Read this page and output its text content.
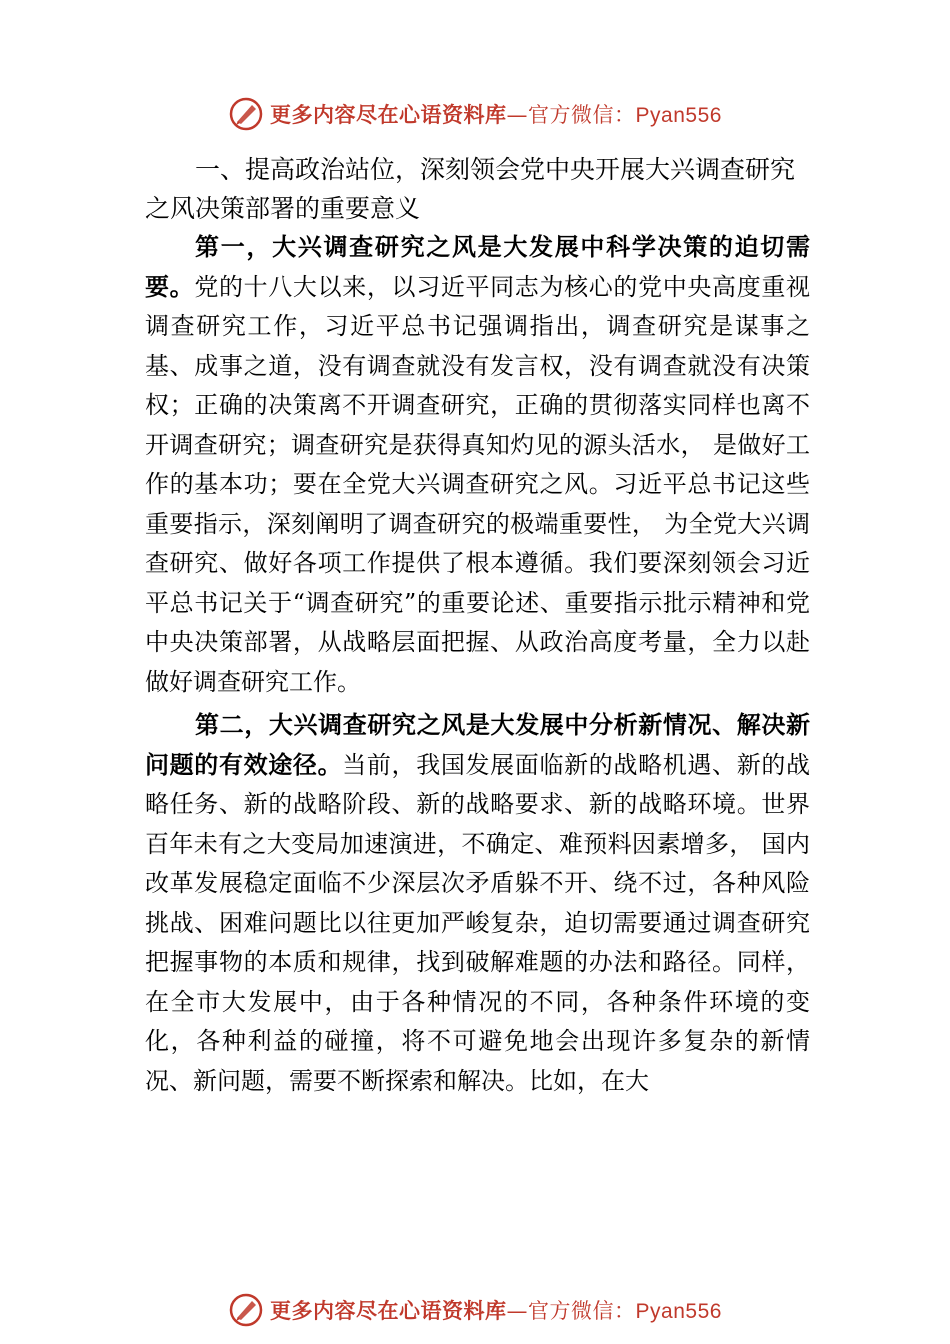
更多内容尽在心语资料库—官方微信：Pyan556

一、提高政治站位，深刻领会党中央开展大兴调查研究之风决策部署的重要意义

第一，大兴调查研究之风是大发展中科学决策的迫切需要。党的十八大以来，以习近平同志为核心的党中央高度重视调查研究工作，习近平总书记强调指出，调查研究是谋事之基、成事之道，没有调查就没有发言权，没有调查就没有决策权；正确的决策离不开调查研究，正确的贯彻落实同样也离不开调查研究；调查研究是获得真知灼见的源头活水， 是做好工作的基本功；要在全党大兴调查研究之风。习近平总书记这些重要指示，深刻阐明了调查研究的极端重要性， 为全党大兴调查研究、做好各项工作提供了根本遵循。我们要深刻领会习近平总书记关于“调查研究”的重要论述、重要指示批示精神和党中央决策部署，从战略层面把握、从政治高度考量，全力以赴做好调查研究工作。

第二，大兴调查研究之风是大发展中分析新情况、解决新问题的有效途径。当前，我国发展面临新的战略机遇、新的战略任务、新的战略阶段、新的战略要求、新的战略环境。世界百年未有之大变局加速演进，不确定、难预料因素增多， 国内改革发展稳定面临不少深层次矛盾躲不开、绕不过，各种风险挑战、困难问题比以往更加严峻复杂，迫切需要通过调查研究把握事物的本质和规律，找到破解难题的办法和路径。同样，在全市大发展中，由于各种情况的不同，各种条件环境的变化，各种利益的碰撞，将不可避免地会出现许多复杂的新情况、新问题，需要不断探索和解决。比如，在大

更多内容尽在心语资料库—官方微信：Pyan556
